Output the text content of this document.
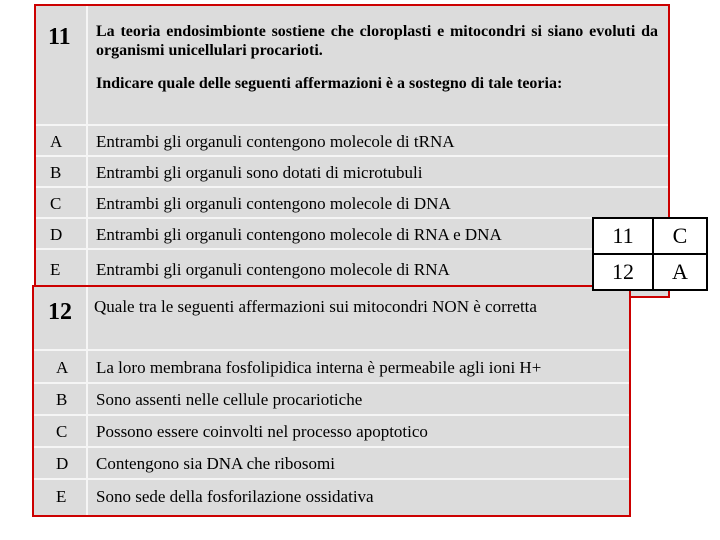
11 La teoria endosimbionte sostiene che cloroplasti e mitocondri si siano evoluti da organismi unicellulari procarioti.
Indicare quale delle seguenti affermazioni è a sostegno di tale teoria:
A Entrambi gli organuli contengono molecole di tRNA
B Entrambi gli organuli sono dotati di microtubuli
C Entrambi gli organuli contengono molecole di DNA
D Entrambi gli organuli contengono molecole di RNA e DNA
E Entrambi gli organuli contengono molecole di RNA
12 Quale tra le seguenti affermazioni sui mitocondri NON è corretta
A La loro membrana fosfolipidica interna è permeabile agli ioni H+
B Sono assenti nelle cellule procariotiche
C Possono essere coinvolti nel processo apoptotico
D Contengono sia DNA che ribosomi
E Sono sede della fosforilazione ossidativa
11	C
12	A
